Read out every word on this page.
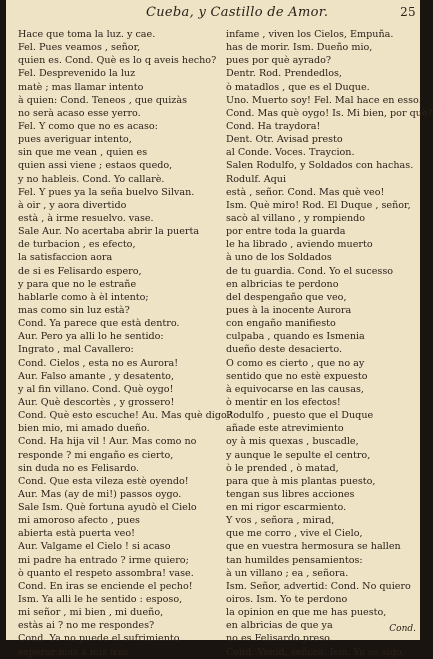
Cueba, y Castillo de Amor.	25
Hace que toma la luz. y cae.
Fel. Pues veamos , señor,
quien es. Cond. Què es lo q aveis hecho?
Fel. Desprevenido la luz
matè ; mas llamar intento
à quien: Cond. Teneos , que quizàs
no serà acaso esse yerro.
Fel. Y como que no es acaso:
pues averiguar intento,
sin que me vean , quien es
quien assi viene ; estaos quedo,
y no hableis. Cond. Yo callarè.
Fel. Y pues ya la seña buelvo Silvan.
à oir , y aora divertido
està , à irme resuelvo. vase.
Sale Aur. No acertaba abrir la puerta
de turbacion , es efecto,
la satisfaccion aora
de si es Felisardo espero,
y para que no le estrañe
hablarle como à èl intento;
mas como sin luz està?
Cond. Ya parece que està dentro.
Aur. Pero ya alli lo he sentido:
Ingrato , mal Cavallero:
Cond. Cielos , esta no es Aurora!
Aur. Falso amante , y desatento,
y al fin villano. Cond. Què oygo!
Aur. Què descortès , y grossero!
Cond. Què esto escuche! Au. Mas què digo?
bien mio, mi amado dueño.
Cond. Ha hija vil ! Aur. Mas como no
responde ? mi engaño es cierto,
sin duda no es Felisardo.
Cond. Que esta vileza estè oyendo!
Aur. Mas (ay de mi!) passos oygo.
Sale Ism. Què fortuna ayudò el Cielo
mi amoroso afecto , pues
abierta està puerta veo!
Aur. Valgame el Cielo ! si acaso
mi padre ha entrado ? irme quiero;
ò quanto el respeto assombra! vase.
Cond. En iras se enciende el pecho!
Ism. Ya alli le he sentido : esposo,
mi señor , mi bien , mi dueño,
estàs ai ? no me respondes?
Cond. Ya no puede el sufrimiento
esperar mas à mis iras
infame , viven los Cielos, Empuña.
has de morir. Ism. Dueño mio,
pues por què ayrado?
Dentr. Rod. Prendedlos,
ò matadlos , que es el Duque.
Uno. Muerto soy! Fel. Mal hace en esso.
Cond. Mas què oygo! Is. Mi bien, por què?
Cond. Ha traydora!
Dent. Otr. Avisad presto
al Conde. Voces. Traycion.
Salen Rodulfo, y Soldados con hachas.
Rodulf. Aqui
està , señor. Cond. Mas què veo!
Ism. Què miro! Rod. El Duque , señor,
sacò al villano , y rompiendo
por entre toda la guarda
le ha librado , aviendo muerto
à uno de los Soldados
de tu guardia. Cond. Yo el sucesso
en albricias te perdono
del despengaño que veo,
pues à la inocente Aurora
con engaño manifiesto
culpaba , quando es Ismenia
dueño deste desacierto.
O como es cierto , que no ay
sentido que no estè expuesto
à equivocarse en las causas,
ò mentir en los efectos!
Rodulfo , puesto que el Duque
añade este atrevimiento
oy à mis quexas , buscadle,
y aunque le sepulte el centro,
ò le prended , ò matad,
para que à mis plantas puesto,
tengan sus libres acciones
en mi rigor escarmiento.
Y vos , señora , mirad,
que me corro , vive el Cielo,
que en vuestra hermosura se hallen
tan humildes pensamientos:
à un villano ; ea , señora.
Ism. Señor, advertid: Cond. No quiero
oiros. Ism. Yo te perdono
la opinion en que me has puesto,
en albricias de que ya
no es Felisardo preso.
Cond. Venid, señora. Ism. Ya os sigo.
Cond.
